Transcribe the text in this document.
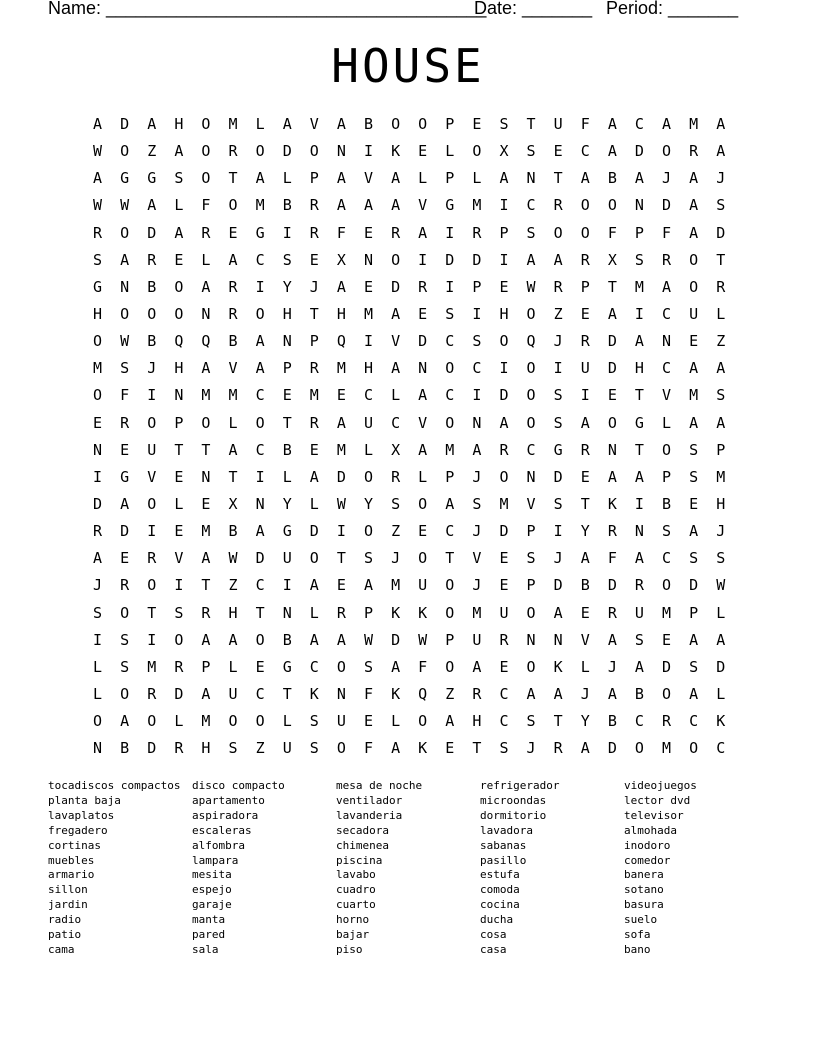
Name: ______________________________________
Date: _______ Period: _______
HOUSE
A D A H O M L A V A B O O P E S T U F A C A M A
W O Z A O R O D O N I K E L O X S E C A D O R A
A G G S O T A L P A V A L P L A N T A B A J A J
W W A L F O M B R A A A V G M I C R O O N D A S
R O D A R E G I R F E R A I R P S O O F P F A D
S A R E L A C S E X N O I D D I A A R X S R O T
G N B O A R I Y J A E D R I P E W R P T M A O R
H O O O N R O H T H M A E S I H O Z E A I C U L
O W B Q Q B A N P Q I V D C S O Q J R D A N E Z
M S J H A V A P R M H A N O C I O I U D H C A A
O F I N M M C E M E C L A C I D O S I E T V M S
E R O P O L O T R A U C V O N A O S A O G L A A
N E U T T A C B E M L X A M A R C G R N T O S P
I G V E N T I L A D O R L P J O N D E A A P S M
D A O L E X N Y L W Y S O A S M V S T K I B E H
R D I E M B A G D I O Z E C J D P I Y R N S A J
A E R V A W D U O T S J O T V E S J A F A C S S
J R O I T Z C I A E A M U O J E P D B D R O D W
S O T S R H T N L R P K K O M U O A E R U M P L
I S I O A A O B A A W D W P U R N N V A S E A A
L S M R P L E G C O S A F O A E O K L J A D S D
L O R D A U C T K N F K Q Z R C A A J A B O A L
O A O L M O O L S U E L O A H C S T Y B C R C K
N B D R H S Z U S O F A K E T S J R A D O M O C
tocadiscos compactos
planta baja
lavaplatos
fregadero
cortinas
muebles
armario
sillon
jardin
radio
patio
cama
disco compacto
apartamento
aspiradora
escaleras
alfombra
lampara
mesita
espejo
garaje
manta
pared
sala
mesa de noche
ventilador
lavanderia
secadora
chimenea
piscina
lavabo
cuadro
cuarto
horno
bajar
piso
refrigerador
microondas
dormitorio
lavadora
sabanas
pasillo
estufa
comoda
cocina
ducha
cosa
casa
videojuegos
lector dvd
televisor
almohada
inodoro
comedor
banera
sotano
basura
suelo
sofa
bano
